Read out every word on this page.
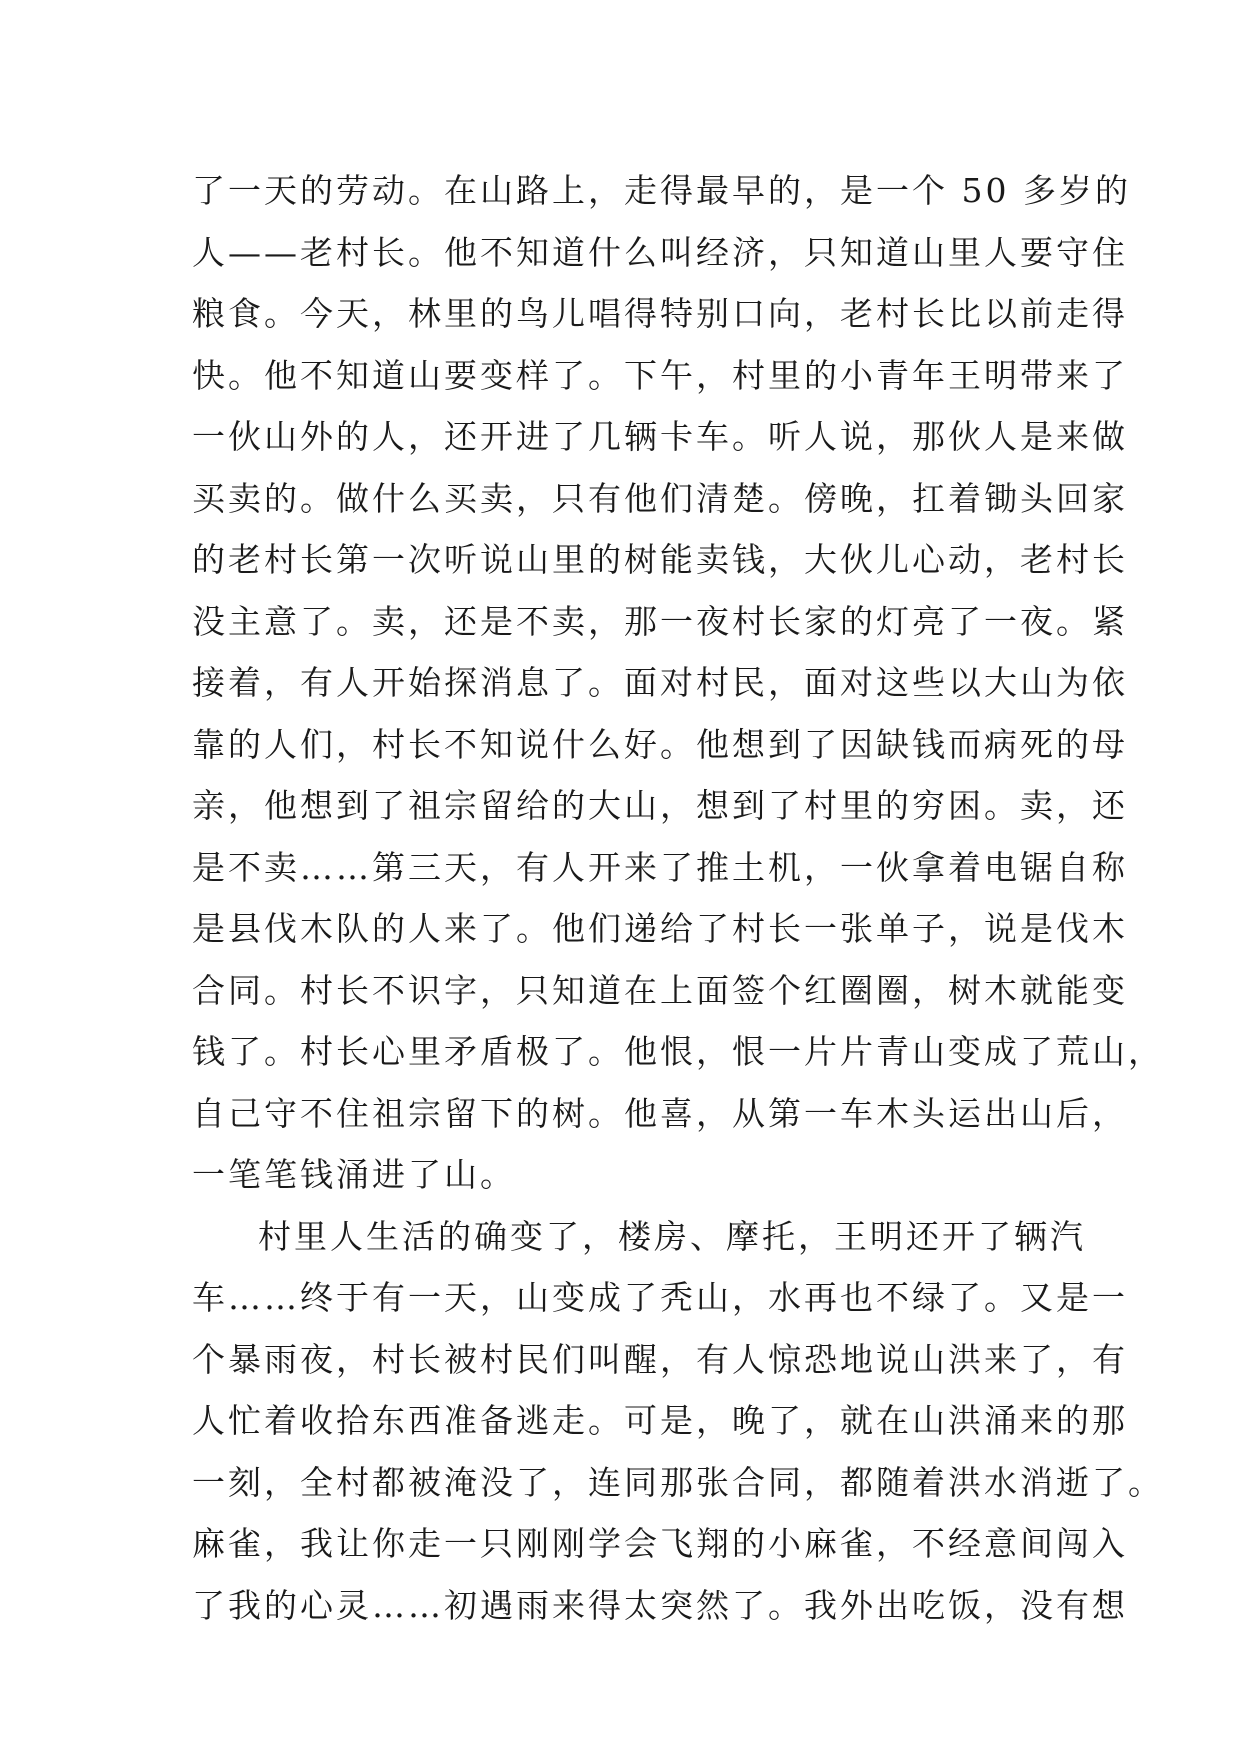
了一天的劳动。在山路上，走得最早的，是一个 50 多岁的
人——老村长。他不知道什么叫经济，只知道山里人要守住
粮食。今天，林里的鸟儿唱得特别口向，老村长比以前走得
快。他不知道山要变样了。下午，村里的小青年王明带来了
一伙山外的人，还开进了几辆卡车。听人说，那伙人是来做
买卖的。做什么买卖，只有他们清楚。傍晚，扛着锄头回家
的老村长第一次听说山里的树能卖钱，大伙儿心动，老村长
没主意了。卖，还是不卖，那一夜村长家的灯亮了一夜。紧
接着，有人开始探消息了。面对村民，面对这些以大山为依
靠的人们，村长不知说什么好。他想到了因缺钱而病死的母
亲，他想到了祖宗留给的大山，想到了村里的穷困。卖，还
是不卖……第三天，有人开来了推土机，一伙拿着电锯自称
是县伐木队的人来了。他们递给了村长一张单子，说是伐木
合同。村长不识字，只知道在上面签个红圈圈，树木就能变
钱了。村长心里矛盾极了。他恨，恨一片片青山变成了荒山，
自己守不住祖宗留下的树。他喜，从第一车木头运出山后，
一笔笔钱涌进了山。
村里人生活的确变了，楼房、摩托，王明还开了辆汽
车……终于有一天，山变成了秃山，水再也不绿了。又是一
个暴雨夜，村长被村民们叫醒，有人惊恐地说山洪来了，有
人忙着收拾东西准备逃走。可是，晚了，就在山洪涌来的那
一刻，全村都被淹没了，连同那张合同，都随着洪水消逝了。
麻雀，我让你走一只刚刚学会飞翔的小麻雀，不经意间闯入
了我的心灵……初遇雨来得太突然了。我外出吃饭，没有想
